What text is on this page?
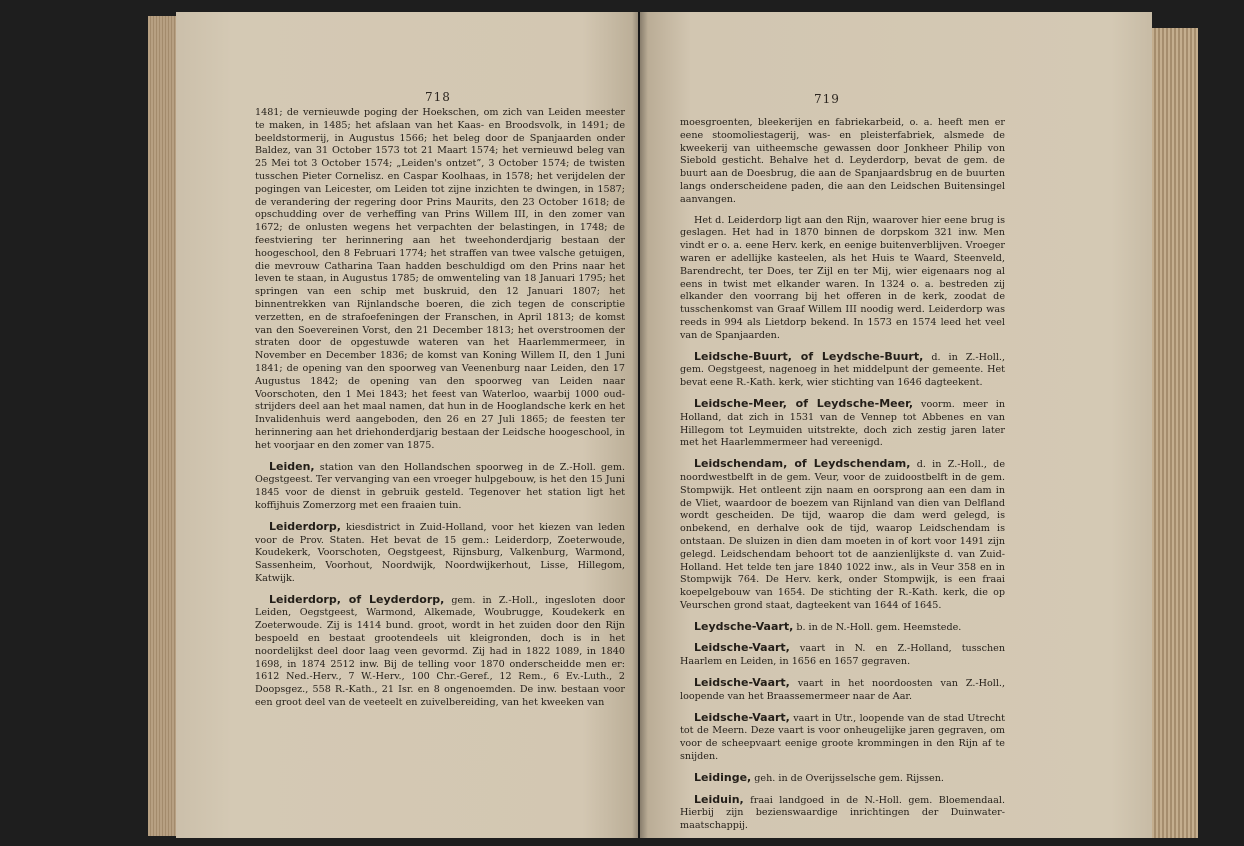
718	719

1481; de vernieuwde poging der Hoekschen, om zich van Leiden meester te maken, in 1485; het afslaan van het Kaas- en Broodsvolk, in 1491; de beeldstormerij, in Augustus 1566; het beleg door de Spanjaarden onder Baldez, van 31 October 1573 tot 21 Maart 1574; het vernieuwd beleg van 25 Mei tot 3 October 1574; „Leiden's ontzet”, 3 October 1574; de twisten tusschen Pieter Cornelisz. en Caspar Koolhaas, in 1578; het verijdelen der pogingen van Leicester, om Leiden tot zijne inzichten te dwingen, in 1587; de verandering der regering door Prins Maurits, den 23 October 1618; de opschudding over de verheffing van Prins Willem III, in den zomer van 1672; de onlusten wegens het verpachten der belastingen, in 1748; de feestviering ter herinnering aan het tweehonderdjarig bestaan der hoogeschool, den 8 Februari 1774; het straffen van twee valsche getuigen, die mevrouw Catharina Taan hadden beschuldigd om den Prins naar het leven te staan, in Augustus 1785; de omwenteling van 18 Januari 1795; het springen van een schip met buskruid, den 12 Januari 1807; het binnentrekken van Rijnlandsche boeren, die zich tegen de conscriptie verzetten, en de strafoefeningen der Franschen, in April 1813; de komst van den Soevereinen Vorst, den 21 December 1813; het overstroomen der straten door de opgestuwde wateren van het Haarlemmermeer, in November en December 1836; de komst van Koning Willem II, den 1 Juni 1841; de opening van den spoorweg van Veenenburg naar Leiden, den 17 Augustus 1842; de opening van den spoorweg van Leiden naar Voorschoten, den 1 Mei 1843; het feest van Waterloo, waarbij 1000 oud-strijders deel aan het maal namen, dat hun in de Hooglandsche kerk en het Invalidenhuis werd aangeboden, den 26 en 27 Juli 1865; de feesten ter herinnering aan het driehonderdjarig bestaan der Leidsche hoogeschool, in het voorjaar en den zomer van 1875.

Leiden, station van den Hollandschen spoorweg in de Z.-Holl. gem. Oegstgeest. Ter vervanging van een vroeger hulpgebouw, is het den 15 Juni 1845 voor de dienst in gebruik gesteld. Tegenover het station ligt het koffijhuis Zomerzorg met een fraaien tuin.

Leiderdorp, kiesdistrict in Zuid-Holland, voor het kiezen van leden voor de Prov. Staten. Het bevat de 15 gem.: Leiderdorp, Zoeterwoude, Koudekerk, Voorschoten, Oegstgeest, Rijnsburg, Valkenburg, Warmond, Sassenheim, Voorhout, Noordwijk, Noordwijkerhout, Lisse, Hillegom, Katwijk.

Leiderdorp, of Leyderdorp, gem. in Z.-Holl., ingesloten door Leiden, Oegstgeest, Warmond, Alkemade, Woubrugge, Koudekerk en Zoeterwoude. Zij is 1414 bund. groot, wordt in het zuiden door den Rijn bespoeld en bestaat grootendeels uit kleigronden, doch is in het noordelijkst deel door laag veen gevormd. Zij had in 1822 1089, in 1840 1698, in 1874 2512 inw. Bij de telling voor 1870 onderscheidde men er: 1612 Ned.-Herv., 7 W.-Herv., 100 Chr.-Geref., 12 Rem., 6 Ev.-Luth., 2 Doopsgez., 558 R.-Kath., 21 Isr. en 8 ongenoemden. De inw. bestaan voor een groot deel van de veeteelt en zuivelbereiding, van het kweeken van

moesgroenten, bleekerijen en fabriekarbeid, o. a. heeft men er eene stoomoliestagerij, was- en pleisterfabriek, alsmede de kweekerij van uitheemsche gewassen door Jonkheer Philip von Siebold gesticht. Behalve het d. Leyderdorp, bevat de gem. de buurt aan de Doesbrug, die aan de Spanjaardsbrug en de buurten langs onderscheidene paden, die aan den Leidschen Buitensingel aanvangen.

Het d. Leiderdorp ligt aan den Rijn, waarover hier eene brug is geslagen. Het had in 1870 binnen de dorpskom 321 inw. Men vindt er o. a. eene Herv. kerk, en eenige buitenverblijven. Vroeger waren er adellijke kasteelen, als het Huis te Waard, Steenveld, Barendrecht, ter Does, ter Zijl en ter Mij, wier eigenaars nog al eens in twist met elkander waren. In 1324 o. a. bestreden zij elkander den voorrang bij het offeren in de kerk, zoodat de tusschenkomst van Graaf Willem III noodig werd. Leiderdorp was reeds in 994 als Lietdorp bekend. In 1573 en 1574 leed het veel van de Spanjaarden.

Leidsche-Buurt, of Leydsche-Buurt, d. in Z.-Holl., gem. Oegstgeest, nagenoeg in het middelpunt der gemeente. Het bevat eene R.-Kath. kerk, wier stichting van 1646 dagteekent.

Leidsche-Meer, of Leydsche-Meer, voorm. meer in Holland, dat zich in 1531 van de Vennep tot Abbenes en van Hillegom tot Leymuiden uitstrekte, doch zich zestig jaren later met het Haarlemmermeer had vereenigd.

Leidschendam, of Leydschendam, d. in Z.-Holl., de noordwestbelft in de gem. Veur, voor de zuidoostbelft in de gem. Stompwijk. Het ontleent zijn naam en oorsprong aan een dam in de Vliet, waardoor de boezem van Rijnland van dien van Delfland wordt gescheiden. De tijd, waarop die dam werd gelegd, is onbekend, en derhalve ook de tijd, waarop Leidschendam is ontstaan. De sluizen in dien dam moeten in of kort voor 1491 zijn gelegd. Leidschendam behoort tot de aanzienlijkste d. van Zuid-Holland. Het telde ten jare 1840 1022 inw., als in Veur 358 en in Stompwijk 764. De Herv. kerk, onder Stompwijk, is een fraai koepelgebouw van 1654. De stichting der R.-Kath. kerk, die op Veurschen grond staat, dagteekent van 1644 of 1645.

Leydsche-Vaart, b. in de N.-Holl. gem. Heemstede.

Leidsche-Vaart, vaart in N. en Z.-Holland, tusschen Haarlem en Leiden, in 1656 en 1657 gegraven.

Leidsche-Vaart, vaart in het noordoosten van Z.-Holl., loopende van het Braassemermeer naar de Aar.

Leidsche-Vaart, vaart in Utr., loopende van de stad Utrecht tot de Meern. Deze vaart is voor onheugelijke jaren gegraven, om voor de scheepvaart eenige groote krommingen in den Rijn af te snijden.

Leidinge, geh. in de Overijsselsche gem. Rijssen.

Leiduin, fraai landgoed in de N.-Holl. gem. Bloemendaal. Hierbij zijn bezienswaardige inrichtingen der Duinwater-maatschappij.
